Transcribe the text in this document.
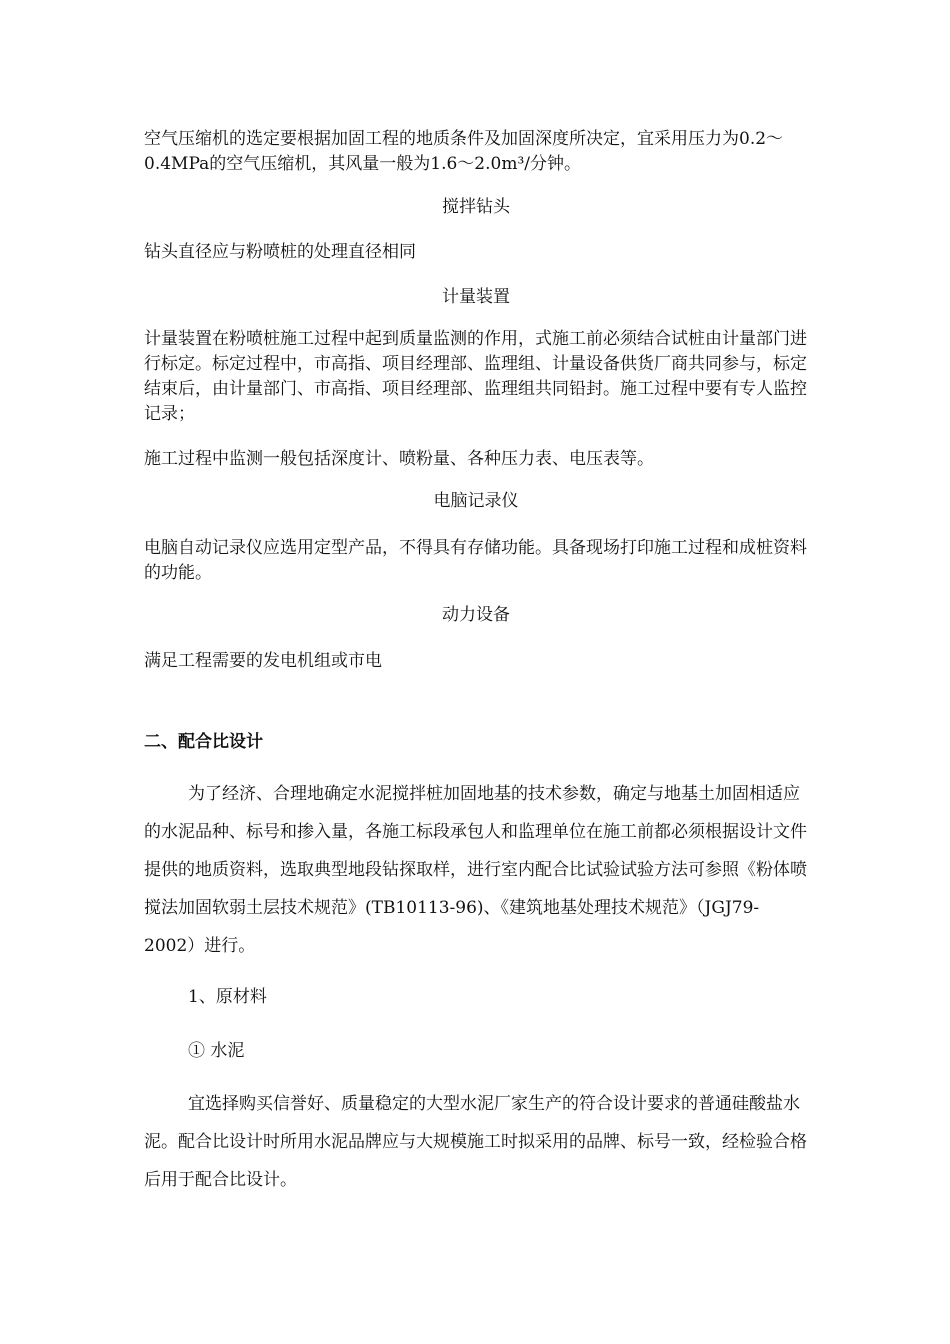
空气压缩机的选定要根据加固工程的地质条件及加固深度所决定，宜采用压力为0.2～0.4MPa的空气压缩机，其风量一般为1.6～2.0m³/分钟。

搅拌钻头

钻头直径应与粉喷桩的处理直径相同

计量装置

计量装置在粉喷桩施工过程中起到质量监测的作用，式施工前必须结合试桩由计量部门进行标定。标定过程中，市高指、项目经理部、监理组、计量设备供货厂商共同参与，标定结束后，由计量部门、市高指、项目经理部、监理组共同铅封。施工过程中要有专人监控记录；

施工过程中监测一般包括深度计、喷粉量、各种压力表、电压表等。

电脑记录仪

电脑自动记录仪应选用定型产品，不得具有存储功能。具备现场打印施工过程和成桩资料的功能。

动力设备

满足工程需要的发电机组或市电

二、配合比设计

为了经济、合理地确定水泥搅拌桩加固地基的技术参数，确定与地基土加固相适应的水泥品种、标号和掺入量，各施工标段承包人和监理单位在施工前都必须根据设计文件提供的地质资料，选取典型地段钻探取样，进行室内配合比试验试验方法可参照《粉体喷搅法加固软弱土层技术规范》(TB10113-96)、《建筑地基处理技术规范》（JGJ79-2002）进行。

1、原材料

① 水泥

宜选择购买信誉好、质量稳定的大型水泥厂家生产的符合设计要求的普通硅酸盐水泥。配合比设计时所用水泥品牌应与大规模施工时拟采用的品牌、标号一致，经检验合格后用于配合比设计。
